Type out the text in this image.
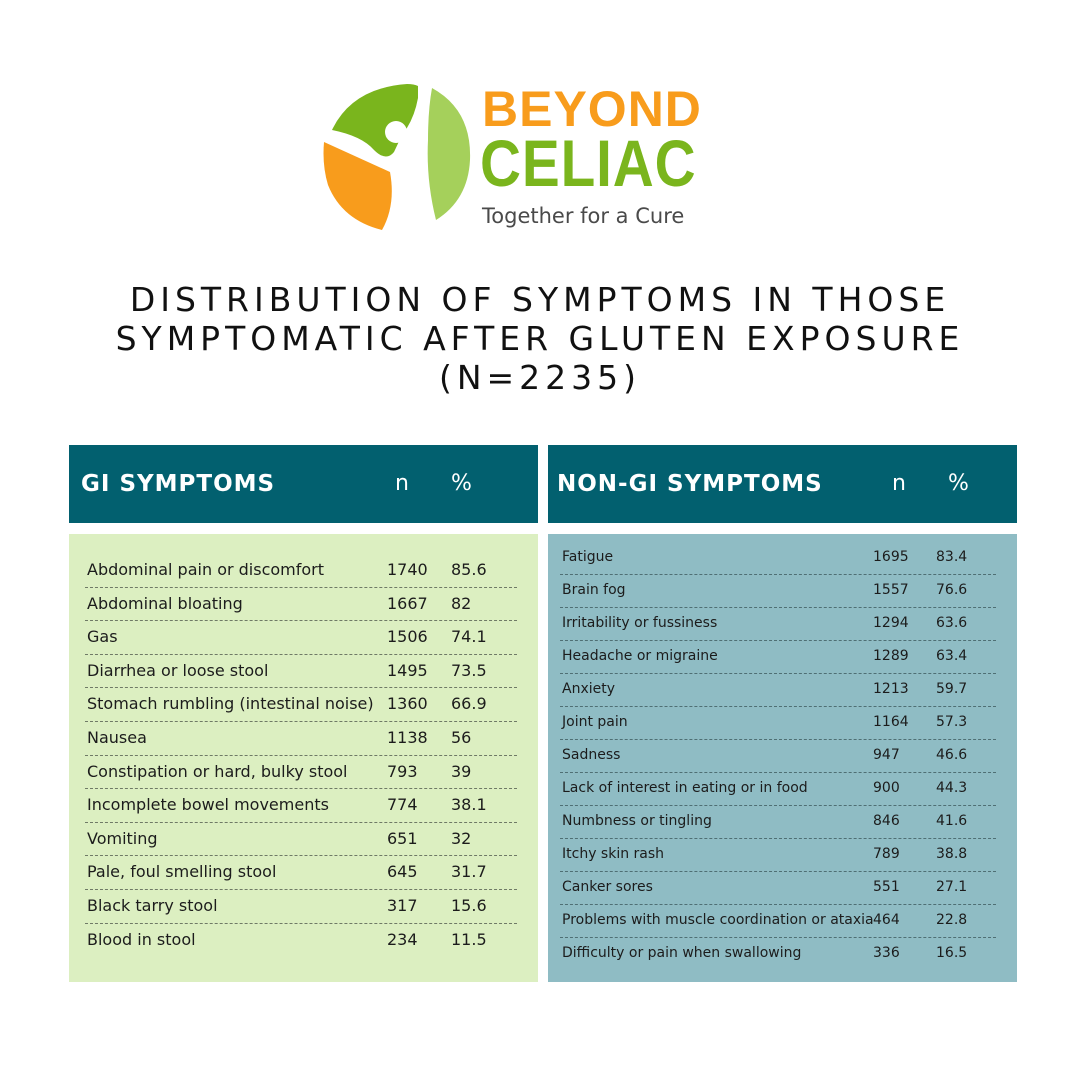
BEYOND
CELIAC
Together for a Cure
DISTRIBUTION OF SYMPTOMS IN THOSE
SYMPTOMATIC AFTER GLUTEN EXPOSURE
(N=2235)
GI SYMPTOMS	n %	NON-GI SYMPTOMS	n %
Abdominal pain or discomfort	1740 85.6
Abdominal bloating	1667 82
Gas	1506 74.1
Diarrhea or loose stool	1495 73.5
Stomach rumbling (intestinal noise) 1360 66.9
Nausea	1138 56
Constipation or hard, bulky stool 793 39
Incomplete bowel movements	774 38.1
Vomiting	651 32
Pale, foul smelling stool	645 31.7
Black tarry stool	317 15.6
Blood in stool	234 11.5
Fatigue	1695 83.4
Brain fog	1557 76.6
Irritability or fussiness	1294 63.6
Headache or migraine	1289 63.4
Anxiety	1213 59.7
Joint pain	1164 57.3
Sadness	947	46.6
Lack of interest in eating or in food	900	44.3
Numbness or tingling	846	41.6
Itchy skin rash	789	38.8
Canker sores	551	27.1
Problems with muscle coordination or ataxia 464	22.8
Difficulty or pain when swallowing	336	16.5
